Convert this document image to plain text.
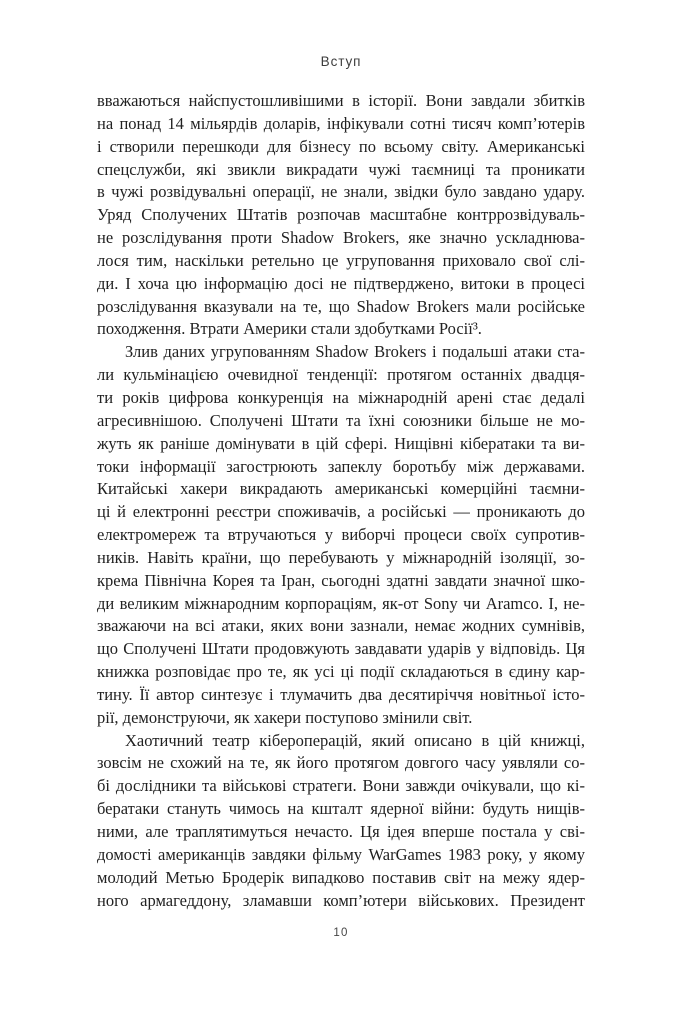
Вступ
вважаються найспустошливішими в історії. Вони завдали збитків
на понад 14 мільярдів доларів, інфікували сотні тисяч комп’ютерів
і створили перешкоди для бізнесу по всьому світу. Американські
спецслужби, які звикли викрадати чужі таємниці та проникати
в чужі розвідувальні операції, не знали, звідки було завдано удару.
Уряд Сполучених Штатів розпочав масштабне контррозвідуваль-
не розслідування проти Shadow Brokers, яке значно ускладнюва-
лося тим, наскільки ретельно це угруповання приховало свої слі-
ди. І хоча цю інформацію досі не підтверджено, витоки в процесі
розслідування вказували на те, що Shadow Brokers мали російське
походження. Втрати Америки стали здобутками Росії³.
Злив даних угрупованням Shadow Brokers і подальші атаки ста-
ли кульмінацією очевидної тенденції: протягом останніх двадця-
ти років цифрова конкуренція на міжнародній арені стає дедалі
агресивнішою. Сполучені Штати та їхні союзники більше не мо-
жуть як раніше домінувати в цій сфері. Нищівні кібератаки та ви-
токи інформації загострюють запеклу боротьбу між державами.
Китайські хакери викрадають американські комерційні таємни-
ці й електронні реєстри споживачів, а російські — проникають до
електромереж та втручаються у виборчі процеси своїх супротив-
ників. Навіть країни, що перебувають у міжнародній ізоляції, зо-
крема Північна Корея та Іран, сьогодні здатні завдати значної шко-
ди великим міжнародним корпораціям, як-от Sony чи Aramco. І, не-
зважаючи на всі атаки, яких вони зазнали, немає жодних сумнівів,
що Сполучені Штати продовжують завдавати ударів у відповідь. Ця
книжка розповідає про те, як усі ці події складаються в єдину кар-
тину. Її автор синтезує і тлумачить два десятиріччя новітньої істо-
рії, демонструючи, як хакери поступово змінили світ.
Хаотичний театр кібероперацій, який описано в цій книжці,
зовсім не схожий на те, як його протягом довгого часу уявляли со-
бі дослідники та військові стратеги. Вони завжди очікували, що кі-
бератаки стануть чимось на кшталт ядерної війни: будуть нищів-
ними, але траплятимуться нечасто. Ця ідея вперше постала у сві-
домості американців завдяки фільму WarGames 1983 року, у якому
молодий Метью Бродерік випадково поставив світ на межу ядер-
ного армагеддону, зламавши комп’ютери військових. Президент
10
